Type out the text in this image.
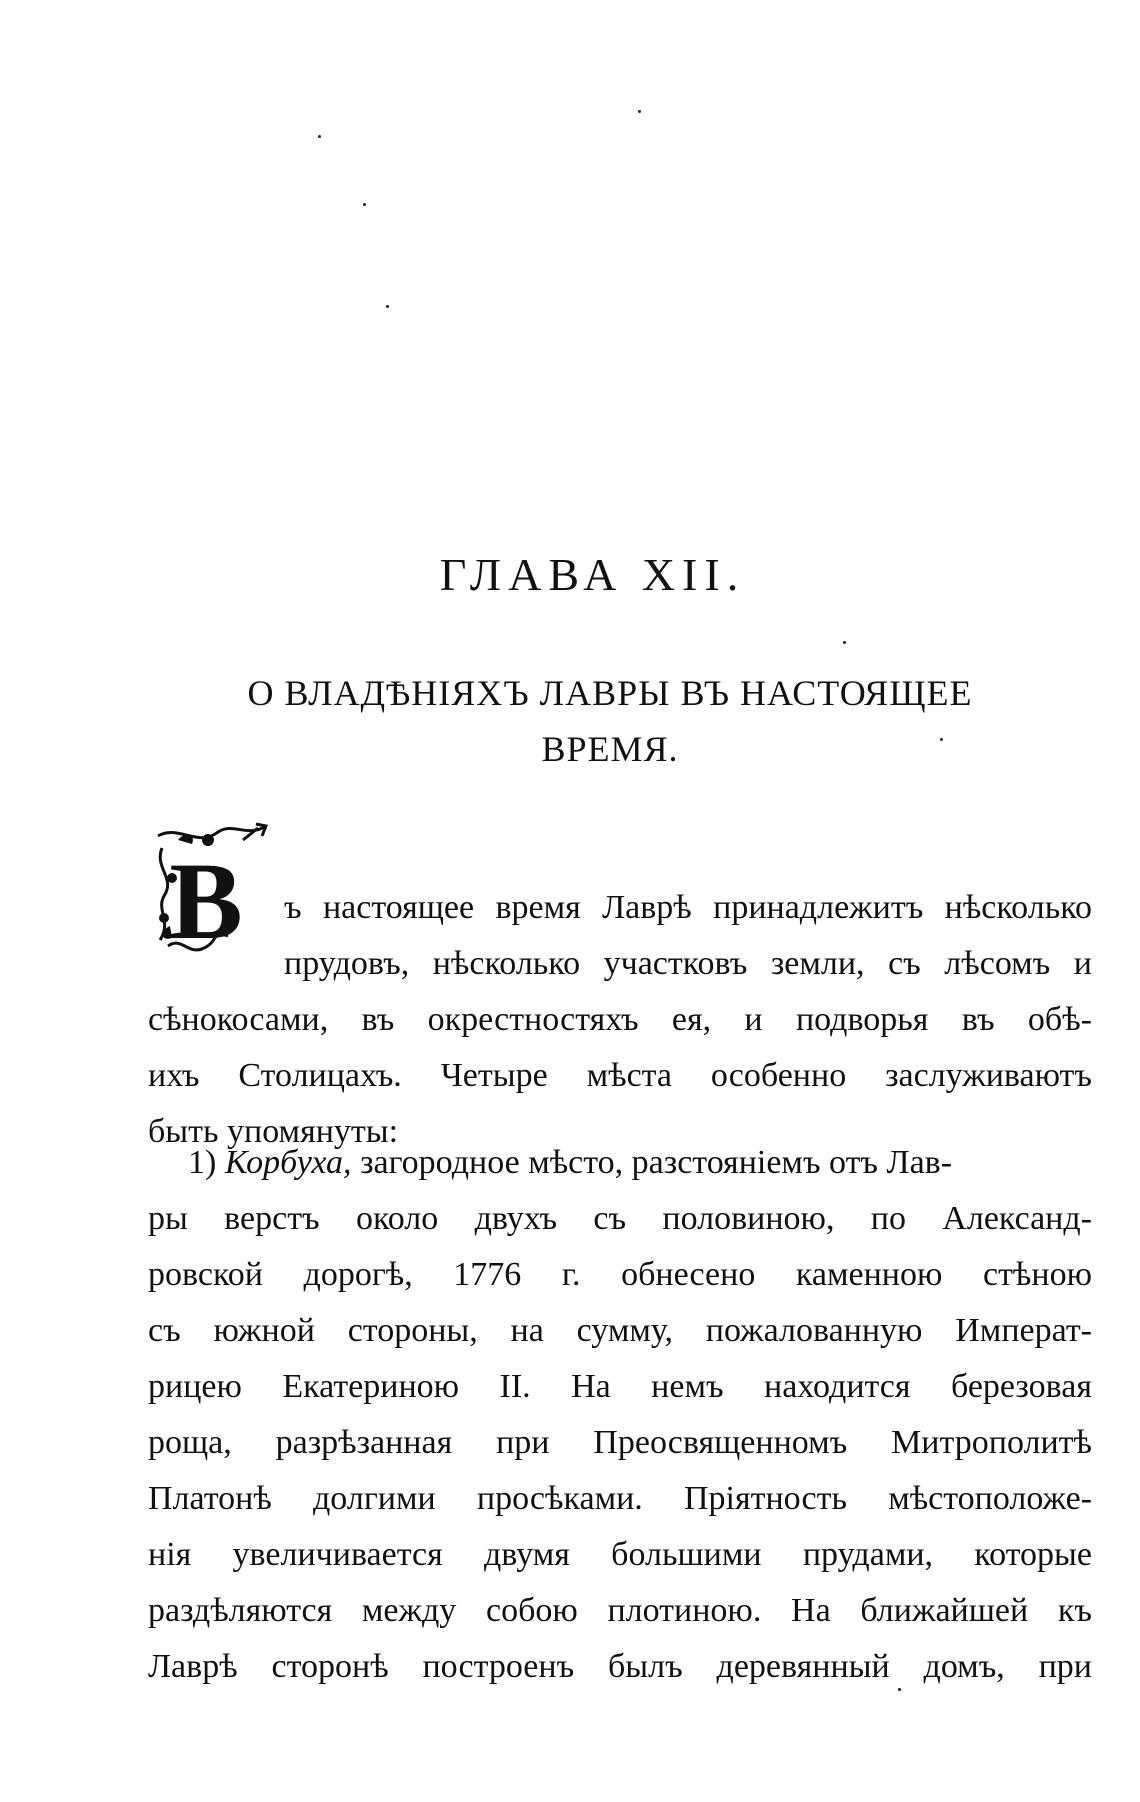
ГЛАВА XII.
О ВЛАДѢНІЯХЪ ЛАВРЫ ВЪ НАСТОЯЩЕЕ
ВРЕМЯ.
В	ъ настоящее время Лаврѣ принадлежитъ нѣсколько
прудовъ, нѣсколько участковъ земли, съ лѣсомъ и
сѣнокосами, въ окрестностяхъ ея, и подворья въ обѣ-
ихъ Столицахъ. Четыре мѣста особенно заслуживаютъ
быть упомянуты:
1) Корбуха, загородное мѣсто, разстояніемъ отъ Лав-
ры верстъ около двухъ съ половиною, по Александ-
ровской дорогѣ, 1776 г. обнесено каменною стѣною
съ южной стороны, на сумму, пожалованную Императ-
рицею Екатериною II. На немъ находится березовая
роща, разрѣзанная при Преосвященномъ Митрополитѣ
Платонѣ долгими просѣками. Пріятность мѣстоположе-
нія увеличивается двумя большими прудами, которые
раздѣляются между собою плотиною. На ближайшей къ
Лаврѣ сторонѣ построенъ былъ деревянный домъ, при
